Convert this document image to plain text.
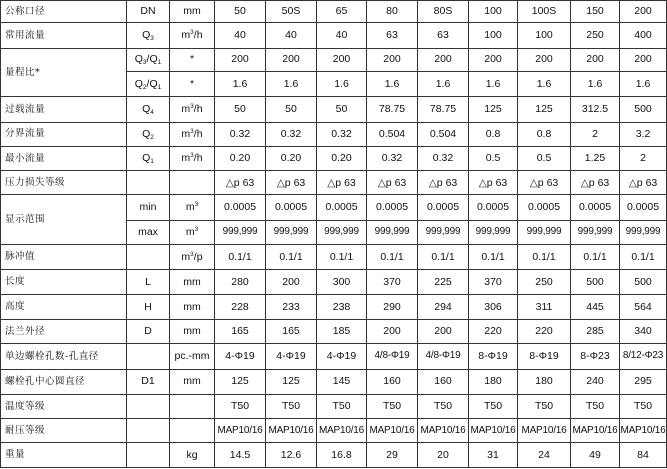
公称口径	DN	mm	50	50S	65	80	80S	100	100S	150	200
常用流量	$Q_3$	$m^3/h$	40	40	40	63	63	100	100	250	400
量程比*	$Q_3/Q_1$	*	200	200	200	200	200	200	200	200	200
	$Q_2/Q_1$	*	1.6	1.6	1.6	1.6	1.6	1.6	1.6	1.6	1.6
过载流量	$Q_4$	$m^3/h$	50	50	50	78.75	78.75	125	125	312.5	500
分界流量	$Q_2$	$m^3/h$	0.32	0.32	0.32	0.504	0.504	0.8	0.8	2	3.2
最小流量	$Q_1$	$m^3/h$	0.20	0.20	0.20	0.32	0.32	0.5	0.5	1.25	2
压力损失等级			△p 63	△p 63	△p 63	△p 63	△p 63	△p 63	△p 63	△p 63	△p 63
显示范围	min	$m^3$	0.0005	0.0005	0.0005	0.0005	0.0005	0.0005	0.0005	0.0005	0.0005
	max	$m^3$	999,999	999,999	999,999	999,999	999,999	999,999	999,999	999,999	999,999
脉冲值		$m^3/p$	0.1/1	0.1/1	0.1/1	0.1/1	0.1/1	0.1/1	0.1/1	0.1/1	0.1/1
长度	L	mm	280	200	300	370	225	370	250	500	500
高度	H	mm	228	233	238	290	294	306	311	445	564
法兰外径	D	mm	165	165	185	200	200	220	220	285	340
单边螺栓孔数-孔直径		pc.-mm	4-Φ19	4-Φ19	4-Φ19	4/8-Φ19	4/8-Φ19	8-Φ19	8-Φ19	8-Φ23	8/12-Φ23
螺栓孔中心圆直径	D1	mm	125	125	145	160	160	180	180	240	295
温度等级			T50	T50	T50	T50	T50	T50	T50	T50	T50
耐压等级			MAP10/16	MAP10/16	MAP10/16	MAP10/16	MAP10/16	MAP10/16	MAP10/16	MAP10/16	MAP10/16
重量		kg	14.5	12.6	16.8	29	20	31	24	49	84
